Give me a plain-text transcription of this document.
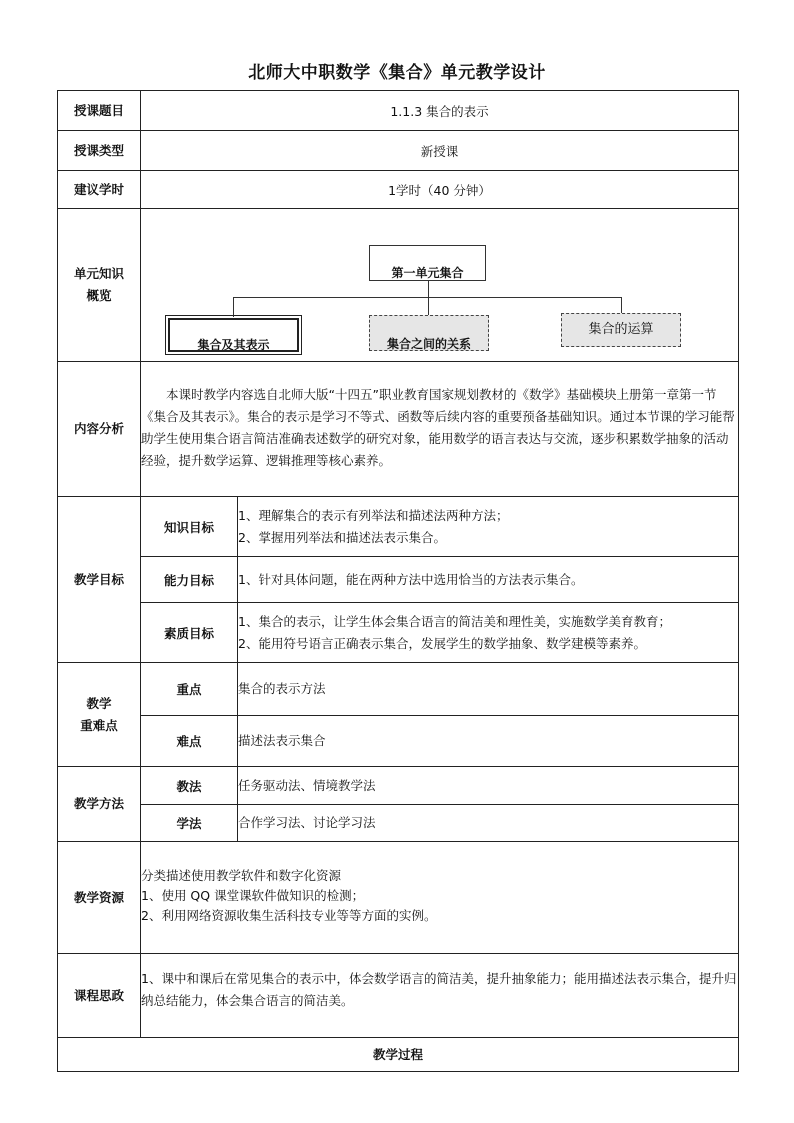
北师大中职数学《集合》单元教学设计
授课题目	1.1.3 集合的表示	
授课类型	新授课	
建议学时	1学时（40 分钟）	

单元知识概览	第一单元集合
集合及其表示 集合之间的关系
集合的运算	

内容分析	本课时教学内容选自北师大版“十四五”职业教育国家规划教材的《数学》基础模块上册第一章第一节《集合及其表示》。集合的表示是学习不等式、函数等后续内容的重要预备基础知识。通过本节课的学习能帮助学生使用集合语言简洁准确表述数学的研究对象，能用数学的语言表达与交流，逐步积累数学抽象的活动经验，提升数学运算、逻辑推理等核心素养。	

教学目标	知识目标	1、理解集合的表示有列举法和描述法两种方法；
2、掌握用列举法和描述法表示集合。

	能力目标	1、针对具体问题，能在两种方法中选用恰当的方法表示集合。

	素质目标	1、集合的表示，让学生体会集合语言的简洁美和理性美，实施数学美育教育；
2、能用符号语言正确表示集合，发展学生的数学抽象、数学建模等素养。

教学
重难点	重点	集合的表示方法
	难点	描述法表示集合
教学方法	教法	任务驱动法、情境教学法
	学法	合作学习法、讨论学习法
教学资源	分类描述使用教学软件和数字化资源
1、使用 QQ 课堂课软件做知识的检测；
2、利用网络资源收集生活科技专业等等方面的实例。	

课程思政	1、课中和课后在常见集合的表示中，体会数学语言的简洁美，提升抽象能力；能用描述法表示集合，提升归纳总结能力，体会集合语言的简洁美。	
教学过程		
